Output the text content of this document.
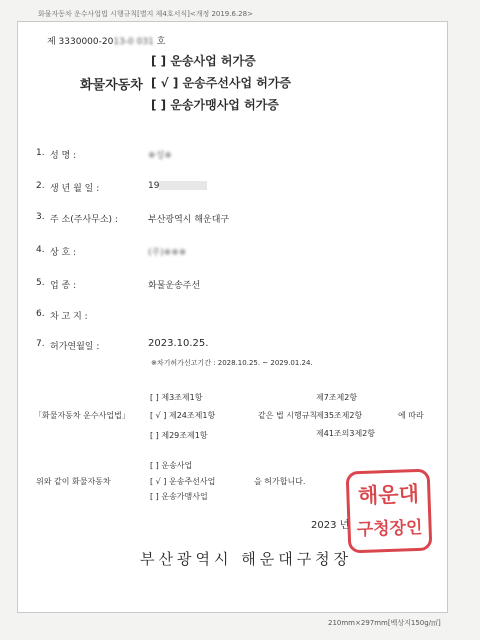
화물자동차 운수사업법 시행규칙[별지 제4호서식]<개정 2019.6.28>
제 3330000-2013-0 031 호
화물자동차
[ ] 운송사업 허가증
[ √ ] 운송주선사업 허가증
[ ] 운송가맹사업 허가증
1. 성 명 :	※성※
2. 생 년 월 일 :	19
3. 주 소(주사무소) :	부산광역시 해운대구
4. 상 호 :	(주)※※※
5. 업 종 :	화물운송주선
6. 차 고 지 :
7. 허가연월일 :	2023.10.25.
※차기허가신고기간 : 2028.10.25. ~ 2029.01.24.
「화물자동차 운수사업법」
[ ] 제3조제1항
[ √ ] 제24조제1항
[ ] 제29조제1항
같은 법 시행규칙
제7조제2항
제35조제2항
제41조의3제2항
에 따라
위와 같이 화물자동차
[ ] 운송사업
[ √ ] 운송주선사업
[ ] 운송가맹사업
을 허가합니다.
2023 년
부산광역시 해운대구청장
해운대
구청장인
210mm×297mm[백상지150g/㎡]
